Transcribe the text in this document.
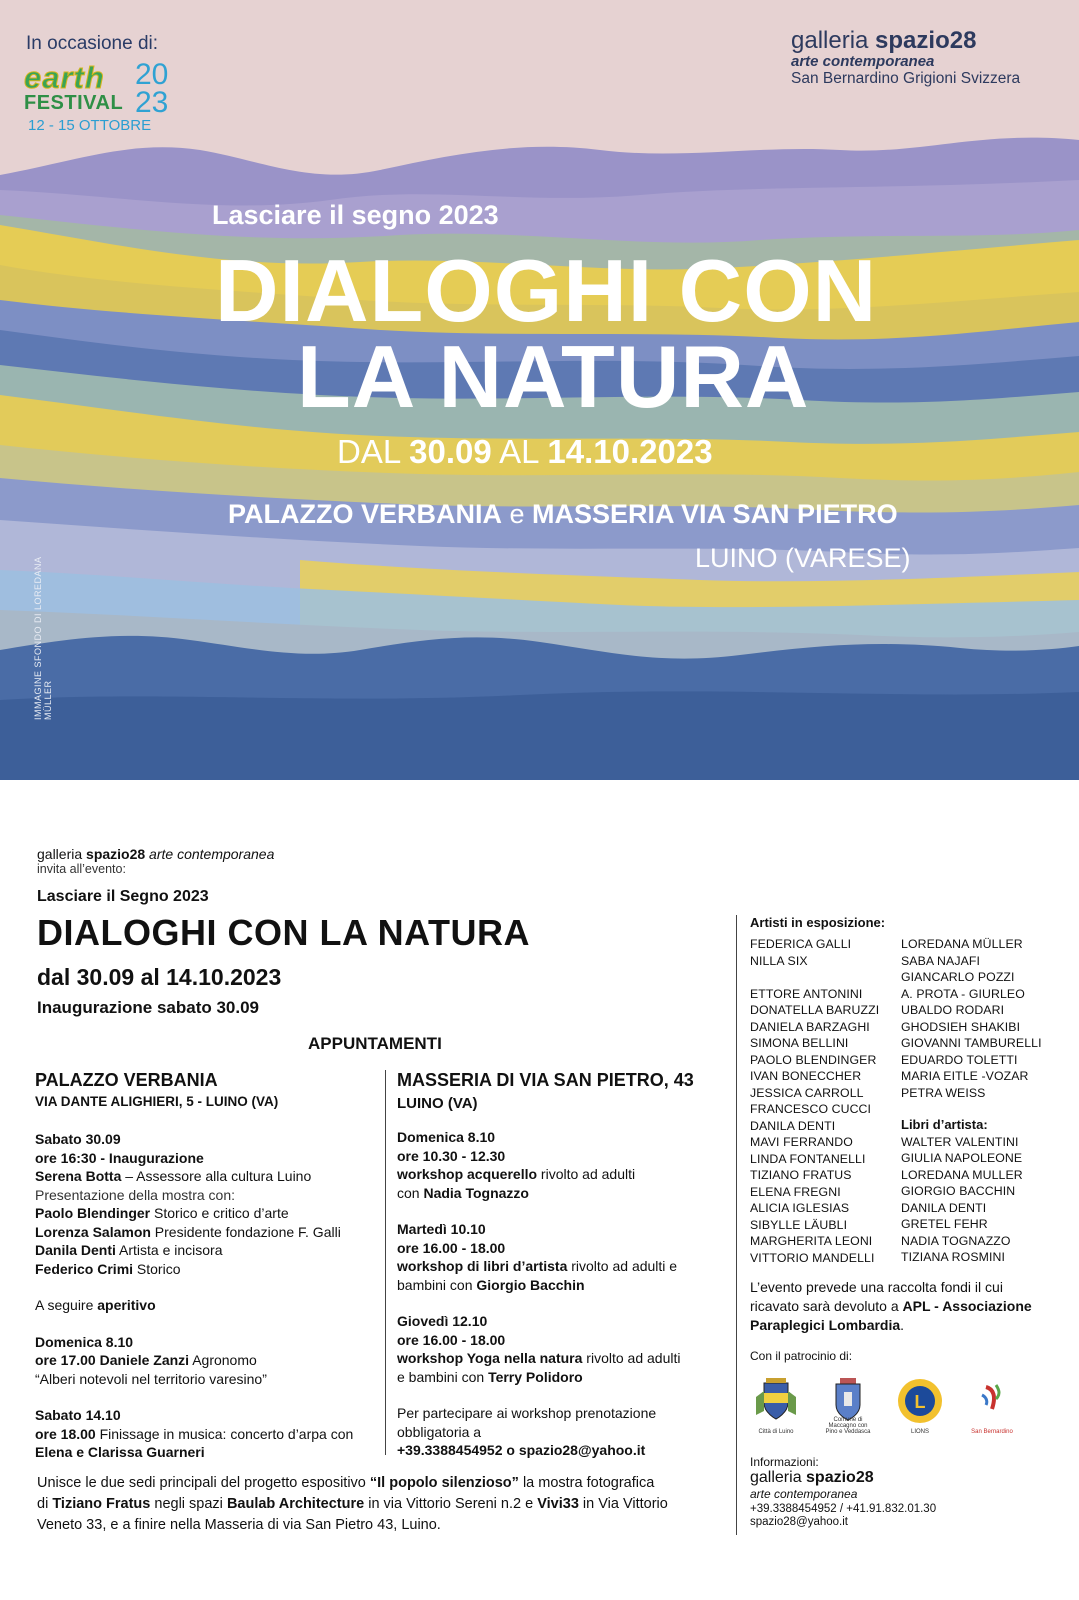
In occasione di:
earth 20
FESTIVAL 23
12 - 15 OTTOBRE
galleria spazio28
arte contemporanea
San Bernardino Grigioni Svizzera
Lasciare il segno 2023
DIALOGHI CON
LA NATURA
DAL 30.09 AL 14.10.2023
PALAZZO VERBANIA e MASSERIA VIA SAN PIETRO
LUINO (VARESE)
IMMAGINE SFONDO DI LOREDANA MÜLLER
galleria spazio28 arte contemporanea
invita all’evento:
Lasciare il Segno 2023
DIALOGHI CON LA NATURA
dal 30.09 al 14.10.2023
Inaugurazione sabato 30.09
APPUNTAMENTI
PALAZZO VERBANIA
VIA DANTE ALIGHIERI, 5 - LUINO (VA)

Sabato 30.09

ore 16:30 - Inaugurazione

Serena Botta – Assessore alla cultura Luino

Presentazione della mostra con:

Paolo Blendinger Storico e critico d’arte

Lorenza Salamon Presidente fondazione F. Galli

Danila Denti Artista e incisora

Federico Crimi Storico

A seguire aperitivo

Domenica 8.10

ore 17.00 Daniele Zanzi Agronomo

“Alberi notevoli nel territorio varesino”

Sabato 14.10

ore 18.00 Finissage in musica: concerto d’arpa con

Elena e Clarissa Guarneri

MASSERIA DI VIA SAN PIETRO, 43
LUINO (VA)

Domenica 8.10

ore 10.30 - 12.30

workshop acquerello rivolto ad adulti

con Nadia Tognazzo

Martedì 10.10

ore 16.00 - 18.00

workshop di libri d’artista rivolto ad adulti e

bambini con Giorgio Bacchin

Giovedì 12.10

ore 16.00 - 18.00

workshop Yoga nella natura rivolto ad adulti

e bambini con Terry Polidoro

Per partecipare ai workshop prenotazione

obbligatoria a

+39.3388454952 o spazio28@yahoo.it

Unisce le due sedi principali del progetto espositivo “Il popolo silenzioso” la mostra fotografica
di Tiziano Fratus negli spazi Baulab Architecture in via Vittorio Sereni n.2 e Vivi33 in Via Vittorio
Veneto 33, e a finire nella Masseria di via San Pietro 43, Luino.
Artisti in esposizione:
FEDERICA GALLI
NILLA SIX
ETTORE ANTONINI
DONATELLA BARUZZI
DANIELA BARZAGHI
SIMONA BELLINI
PAOLO BLENDINGER
IVAN BONECCHER
JESSICA CARROLL
FRANCESCO CUCCI
DANILA DENTI
MAVI FERRANDO
LINDA FONTANELLI
TIZIANO FRATUS
ELENA FREGNI
ALICIA IGLESIAS
SIBYLLE LÄUBLI
MARGHERITA LEONI
VITTORIO MANDELLI
LOREDANA MÜLLER
SABA NAJAFI
GIANCARLO POZZI
A. PROTA - GIURLEO
UBALDO RODARI
GHODSIEH SHAKIBI
GIOVANNI TAMBURELLI
EDUARDO TOLETTI
MARIA EITLE -VOZAR
PETRA WEISS
Libri d’artista:
WALTER VALENTINI
GIULIA NAPOLEONE
LOREDANA MULLER
GIORGIO BACCHIN
DANILA DENTI
GRETEL FEHR
NADIA TOGNAZZO
TIZIANA ROSMINI
L’evento prevede una raccolta fondi il cui
ricavato sarà devoluto a APL - Associazione
Paraplegici Lombardia.
Con il patrocinio di:
Città di Luino
Comune di Maccagno con Pino e Veddasca
L
LIONS	San Bernardino
Informazioni:
galleria spazio28
arte contemporanea
+39.3388454952 / +41.91.832.01.30
spazio28@yahoo.it
